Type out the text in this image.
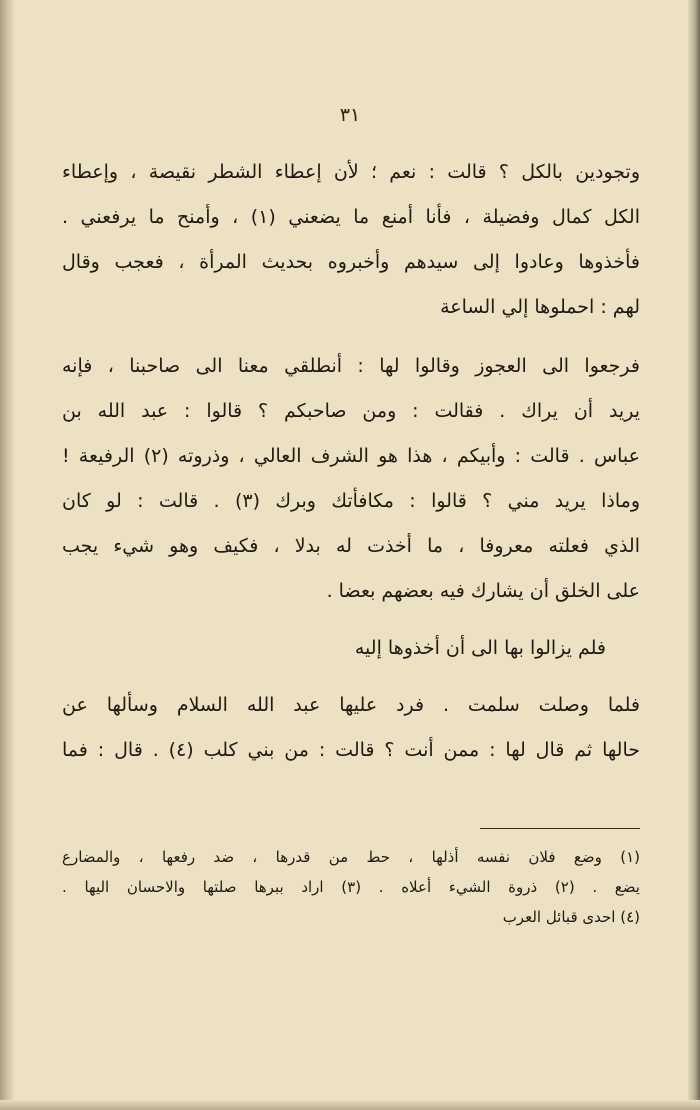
٣١
وتجودين بالكل ؟ قالت : نعم ؛ لأن إعطاء الشطر نقيصة ، وإعطاء
الكل كمال وفضيلة ، فأنا أمنع ما يضعني (١) ، وأمنح ما يرفعني .
فأخذوها وعادوا إلى سيدهم وأخبروه بحديث المرأة ، فعجب وقال
لهم : احملوها إلي الساعة
فرجعوا الى العجوز وقالوا لها : أنطلقي معنا الى صاحبنا ، فإنه
يريد أن يراك . فقالت : ومن صاحبكم ؟ قالوا : عبد الله بن
عباس . قالت : وأبيكم ، هذا هو الشرف العالي ، وذروته (٢) الرفيعة !
وماذا يريد مني ؟ قالوا : مكافأتك وبرك (٣) . قالت : لو كان
الذي فعلته معروفا ، ما أخذت له بدلا ، فكيف وهو شيء يجب
على الخلق أن يشارك فيه بعضهم بعضا .
فلم يزالوا بها الى أن أخذوها إليه
فلما وصلت سلمت . فرد عليها عبد الله السلام وسألها عن
حالها ثم قال لها : ممن أنت ؟ قالت : من بني كلب (٤) . قال : فما
(١) وضع فلان نفسه أذلها ، حط من قدرها ، ضد رفعها ، والمضارع
يضع . (٢) ذروة الشيء أعلاه . (٣) اراد ببرها صلتها والاحسان اليها .
(٤) احدى قبائل العرب
